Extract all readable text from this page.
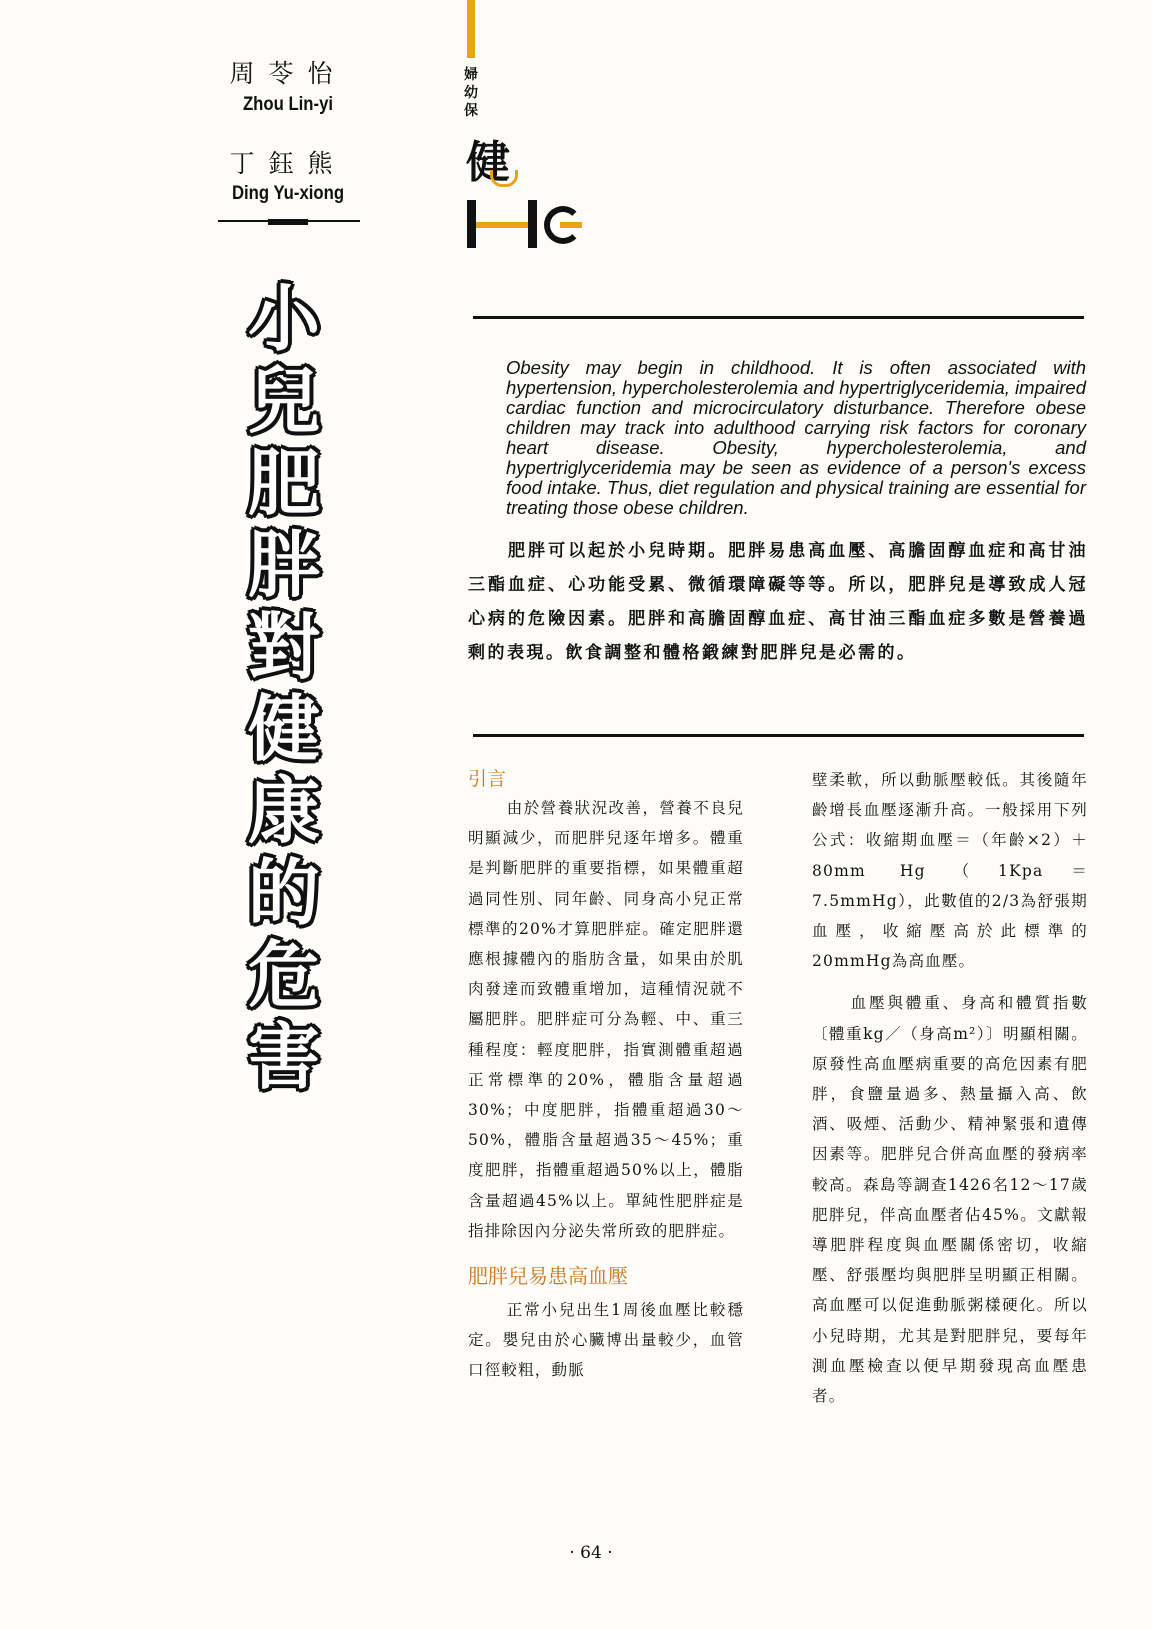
周苓怡
Zhou Lin-yi
丁鈺熊
Ding Yu-xiong
小
兒
肥
胖
對
健
康
的
危
害
婦
幼
保
健
Obesity may begin in childhood. It is often associated with hypertension, hypercholesterolemia and hypertriglyceridemia, impaired cardiac function and microcirculatory disturbance. Therefore obese children may track into adulthood carrying risk factors for coronary heart disease. Obesity, hypercholesterolemia, and hypertriglyceridemia may be seen as evidence of a person's excess food intake. Thus, diet regulation and physical training are essential for treating those obese children.
　　肥胖可以起於小兒時期。肥胖易患高血壓、高膽固醇血症和高甘油三酯血症、心功能受累、微循環障礙等等。所以，肥胖兒是導致成人冠心病的危險因素。肥胖和高膽固醇血症、高甘油三酯血症多數是營養過剩的表現。飲食調整和體格鍛練對肥胖兒是必需的。
引言

由於營養狀況改善，營養不良兒明顯減少，而肥胖兒逐年增多。體重是判斷肥胖的重要指標，如果體重超過同性別、同年齡、同身高小兒正常標準的20%才算肥胖症。確定肥胖還應根據體內的脂肪含量，如果由於肌肉發達而致體重增加，這種情況就不屬肥胖。肥胖症可分為輕、中、重三種程度：輕度肥胖，指實測體重超過正常標準的20%，體脂含量超過30%；中度肥胖，指體重超過30～50%，體脂含量超過35～45%；重度肥胖，指體重超過50%以上，體脂含量超過45%以上。單純性肥胖症是指排除因內分泌失常所致的肥胖症。

肥胖兒易患高血壓

正常小兒出生1周後血壓比較穩定。嬰兒由於心臟博出量較少，血管口徑較粗，動脈

壁柔軟，所以動脈壓較低。其後隨年齡增長血壓逐漸升高。一般採用下列公式：收縮期血壓＝（年齡×2）＋80mm Hg（1Kpa＝7.5mmHg），此數值的2/3為舒張期血壓，收縮壓高於此標準的20mmHg為高血壓。

血壓與體重、身高和體質指數〔體重kg／（身高m²）〕明顯相關。原發性高血壓病重要的高危因素有肥胖，食鹽量過多、熱量攝入高、飲酒、吸煙、活動少、精神緊張和遺傳因素等。肥胖兒合併高血壓的發病率較高。森島等調查1426名12～17歲肥胖兒，伴高血壓者佔45%。文獻報導肥胖程度與血壓關係密切，收縮壓、舒張壓均與肥胖呈明顯正相關。高血壓可以促進動脈粥樣硬化。所以小兒時期，尤其是對肥胖兒，要每年測血壓檢查以便早期發現高血壓患者。

· 64 ·
